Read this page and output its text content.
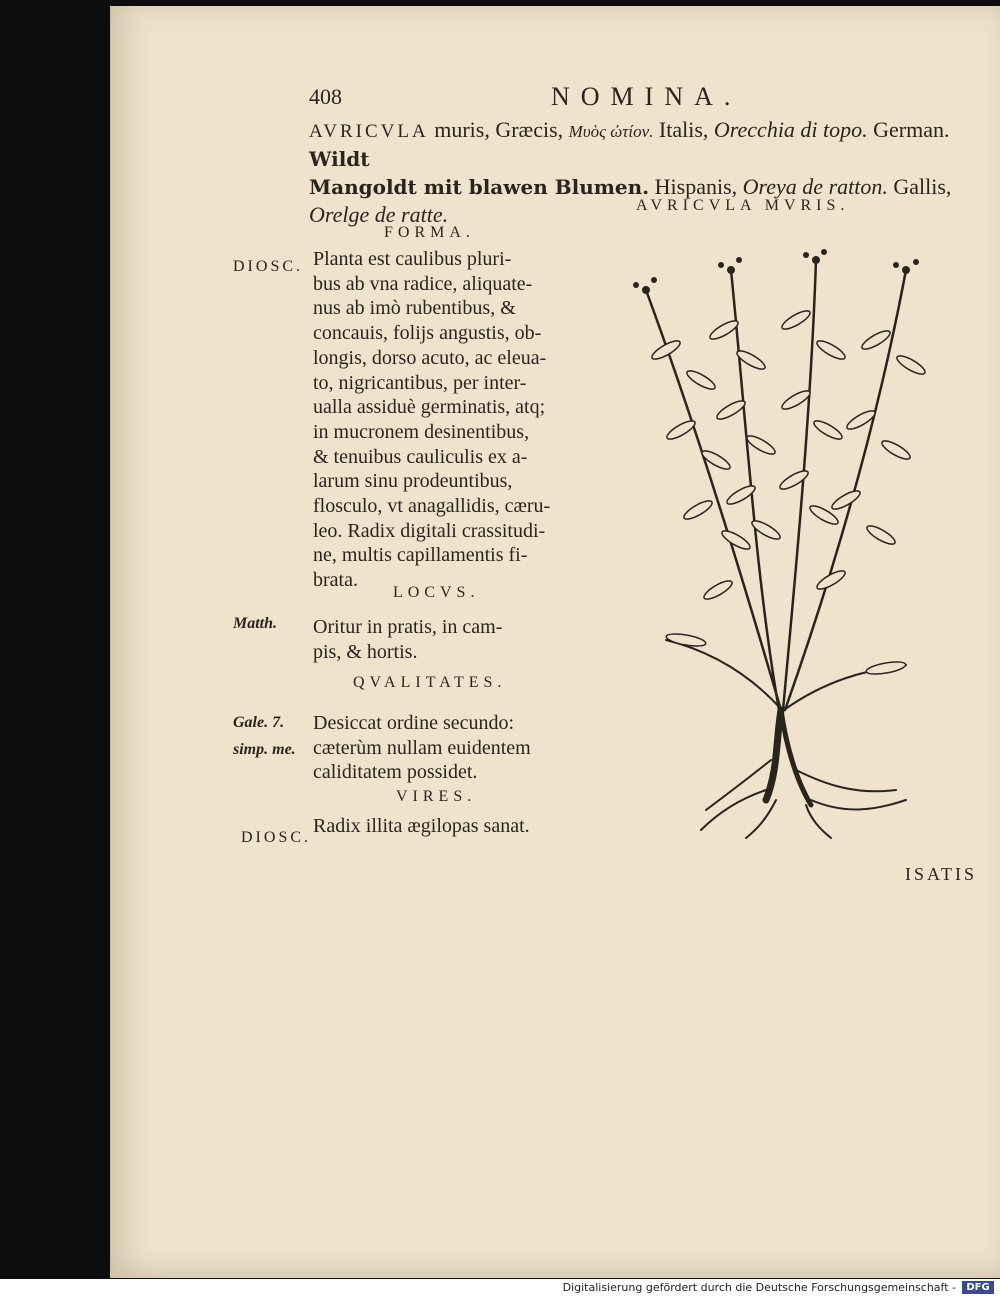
408	NOMINA.
AVRICVLA muris, Græcis, Μυὸς ὠτίον. Italis, Orecchia di topo. German. Wildt
Mangoldt mit blawen Blumen. Hispanis, Oreya de ratton. Gallis, Orelge de ratte.	AVRICVLA MVRIS.
FORMA.
Planta est caulibus pluri-
bus ab vna radice, aliquate-
nus ab imò rubentibus, &
concauis, folijs angustis, ob-
longis, dorso acuto, ac eleua-
to, nigricantibus, per inter-
ualla assiduè germinatis, atq;
in mucronem desinentibus,
& tenuibus cauliculis ex a-
larum sinu prodeuntibus,
flosculo, vt anagallidis, cæru-
leo. Radix digitali crassitudi-
ne, multis capillamentis fi-
brata.
LOCVS.
Oritur in pratis, in cam-
pis, & hortis.
QVALITATES.
Desiccat ordine secundo:
cæterùm nullam euidentem
caliditatem possidet.
VIRES.
Radix illita ægilopas sanat.
DIOSC.
Matth.
Gale. 7.
simp. me.
DIOSC.
ISATIS
Digitalisierung gefördert durch die Deutsche Forschungsgemeinschaft -	DFG
